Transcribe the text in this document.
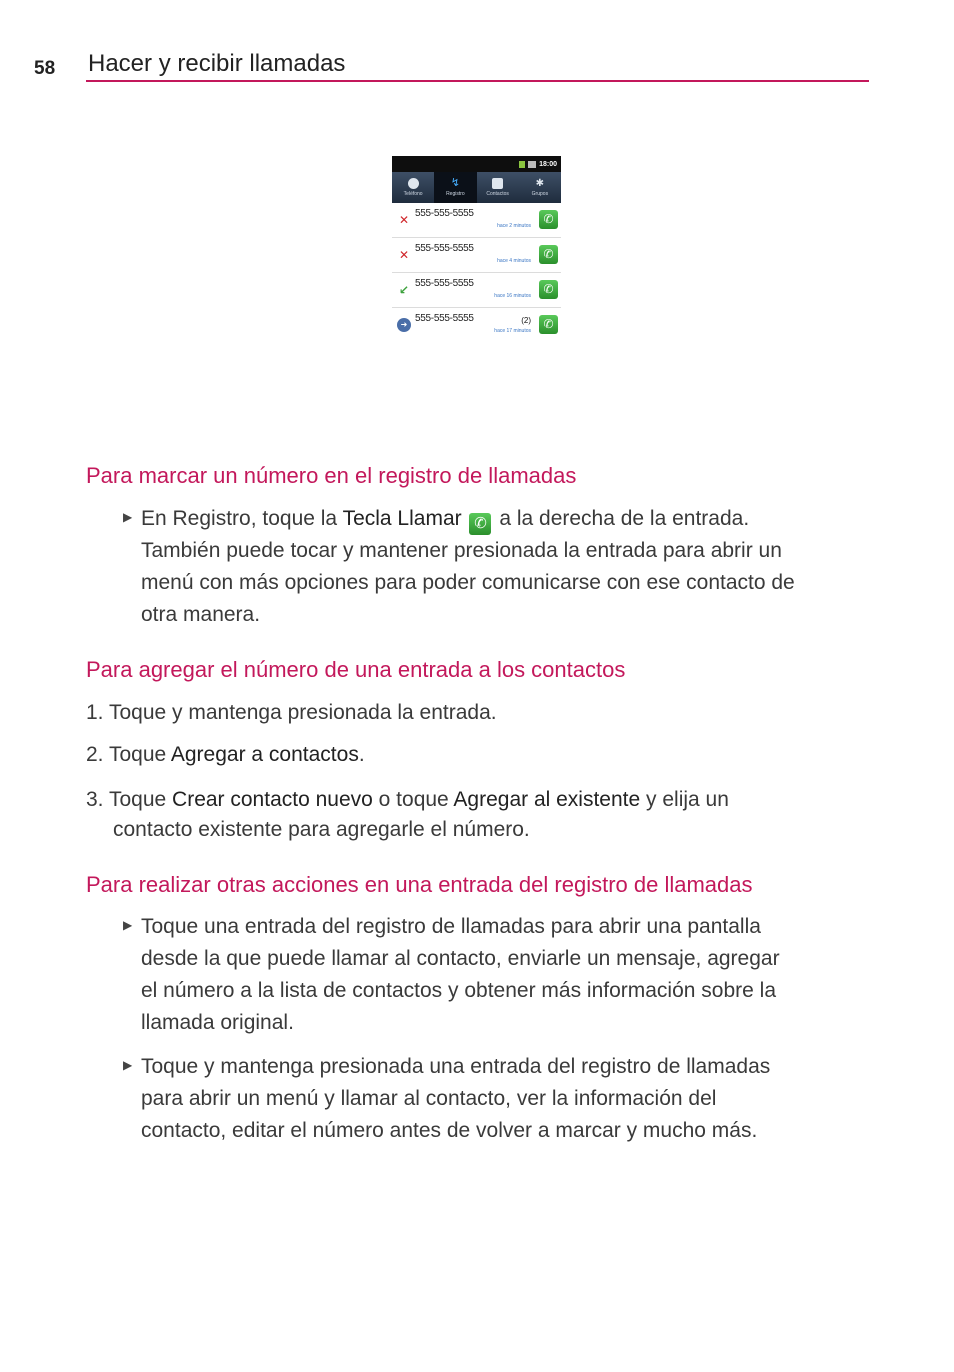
58 Hacer y recibir llamadas
18:00
Teléfono
↯
Registro	Contactos
✱
Grupos
✕ 555-555-5555
hace 2 minutos	✆
✕ 555-555-5555
hace 4 minutos	✆
↙ 555-555-5555
hace 16 minutos	✆
➜
555-555-5555	(2)
hace 17 minutos	✆
Para marcar un número en el registro de llamadas
▶ En Registro, toque la Tecla Llamar ✆ a la derecha de la entrada.
También puede tocar y mantener presionada la entrada para abrir un
menú con más opciones para poder comunicarse con ese contacto de
otra manera.
Para agregar el número de una entrada a los contactos
1. Toque y mantenga presionada la entrada.
2. Toque Agregar a contactos.
3. Toque Crear contacto nuevo o toque Agregar al existente y elija un
contacto existente para agregarle el número.
Para realizar otras acciones en una entrada del registro de llamadas
▶ Toque una entrada del registro de llamadas para abrir una pantalla
desde la que puede llamar al contacto, enviarle un mensaje, agregar
el número a la lista de contactos y obtener más información sobre la
llamada original.
▶ Toque y mantenga presionada una entrada del registro de llamadas
para abrir un menú y llamar al contacto, ver la información del
contacto, editar el número antes de volver a marcar y mucho más.
